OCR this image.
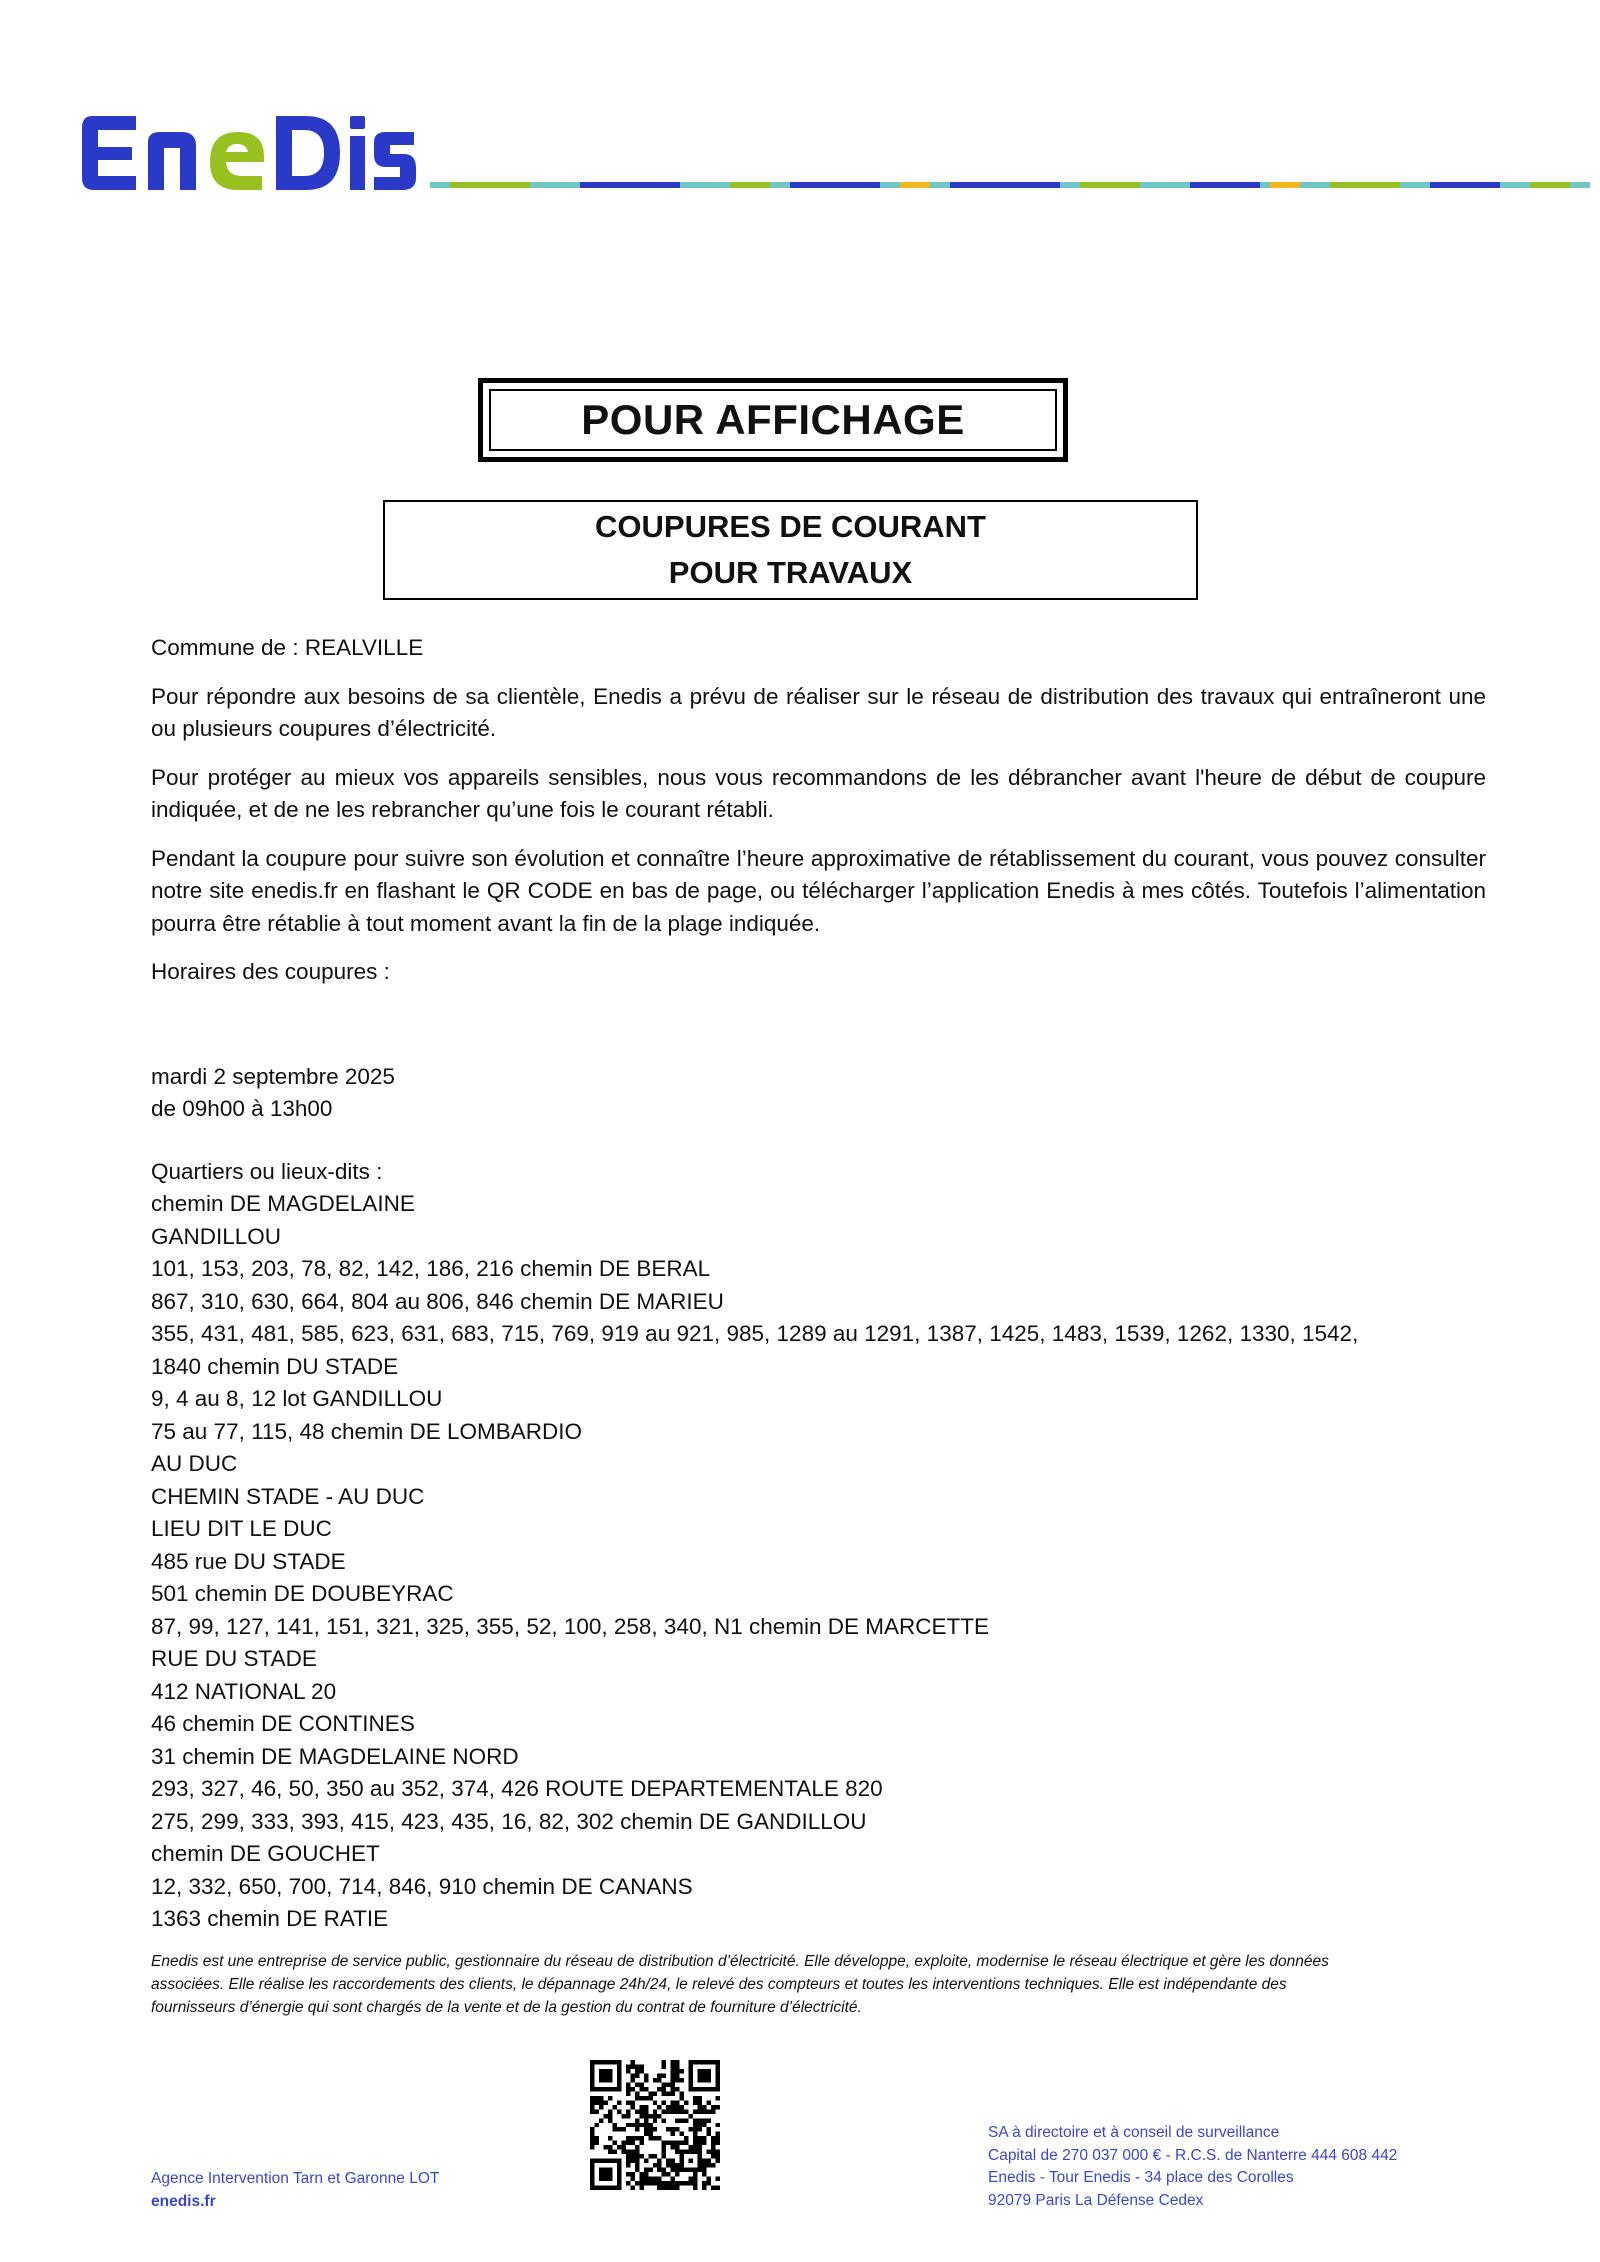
POUR AFFICHAGE
COUPURES DE COURANT
POUR TRAVAUX

Commune de : REALVILLE

Pour répondre aux besoins de sa clientèle, Enedis a prévu de réaliser sur le réseau de distribution des travaux qui entraîneront une ou plusieurs coupures d’électricité.

Pour protéger au mieux vos appareils sensibles, nous vous recommandons de les débrancher avant l'heure de début de coupure indiquée, et de ne les rebrancher qu’une fois le courant rétabli.

Pendant la coupure pour suivre son évolution et connaître l’heure approximative de rétablissement du courant, vous pouvez consulter notre site enedis.fr en flashant le QR CODE en bas de page, ou télécharger l’application Enedis à mes côtés. Toutefois l’alimentation pourra être rétablie à tout moment avant la fin de la plage indiquée.

Horaires des coupures :

mardi 2 septembre 2025
de 09h00 à 13h00
Quartiers ou lieux-dits :
chemin DE MAGDELAINE
GANDILLOU
101, 153, 203, 78, 82, 142, 186, 216 chemin DE BERAL
867, 310, 630, 664, 804 au 806, 846 chemin DE MARIEU
355, 431, 481, 585, 623, 631, 683, 715, 769, 919 au 921, 985, 1289 au 1291, 1387, 1425, 1483, 1539, 1262, 1330, 1542,
1840 chemin DU STADE
9, 4 au 8, 12 lot GANDILLOU
75 au 77, 115, 48 chemin DE LOMBARDIO
AU DUC
CHEMIN STADE - AU DUC
LIEU DIT LE DUC
485 rue DU STADE
501 chemin DE DOUBEYRAC
87, 99, 127, 141, 151, 321, 325, 355, 52, 100, 258, 340, N1 chemin DE MARCETTE
RUE DU STADE
412 NATIONAL 20
46 chemin DE CONTINES
31 chemin DE MAGDELAINE NORD
293, 327, 46, 50, 350 au 352, 374, 426 ROUTE DEPARTEMENTALE 820
275, 299, 333, 393, 415, 423, 435, 16, 82, 302 chemin DE GANDILLOU
chemin DE GOUCHET
12, 332, 650, 700, 714, 846, 910 chemin DE CANANS
1363 chemin DE RATIE
Enedis est une entreprise de service public, gestionnaire du réseau de distribution d’électricité. Elle développe, exploite, modernise le réseau électrique et gère les données
associées. Elle réalise les raccordements des clients, le dépannage 24h/24, le relevé des compteurs et toutes les interventions techniques. Elle est indépendante des
fournisseurs d’énergie qui sont chargés de la vente et de la gestion du contrat de fourniture d’électricité.
Agence Intervention Tarn et Garonne LOT
enedis.fr
SA à directoire et à conseil de surveillance
Capital de 270 037 000 € - R.C.S. de Nanterre 444 608 442
Enedis - Tour Enedis - 34 place des Corolles
92079 Paris La Défense Cedex
